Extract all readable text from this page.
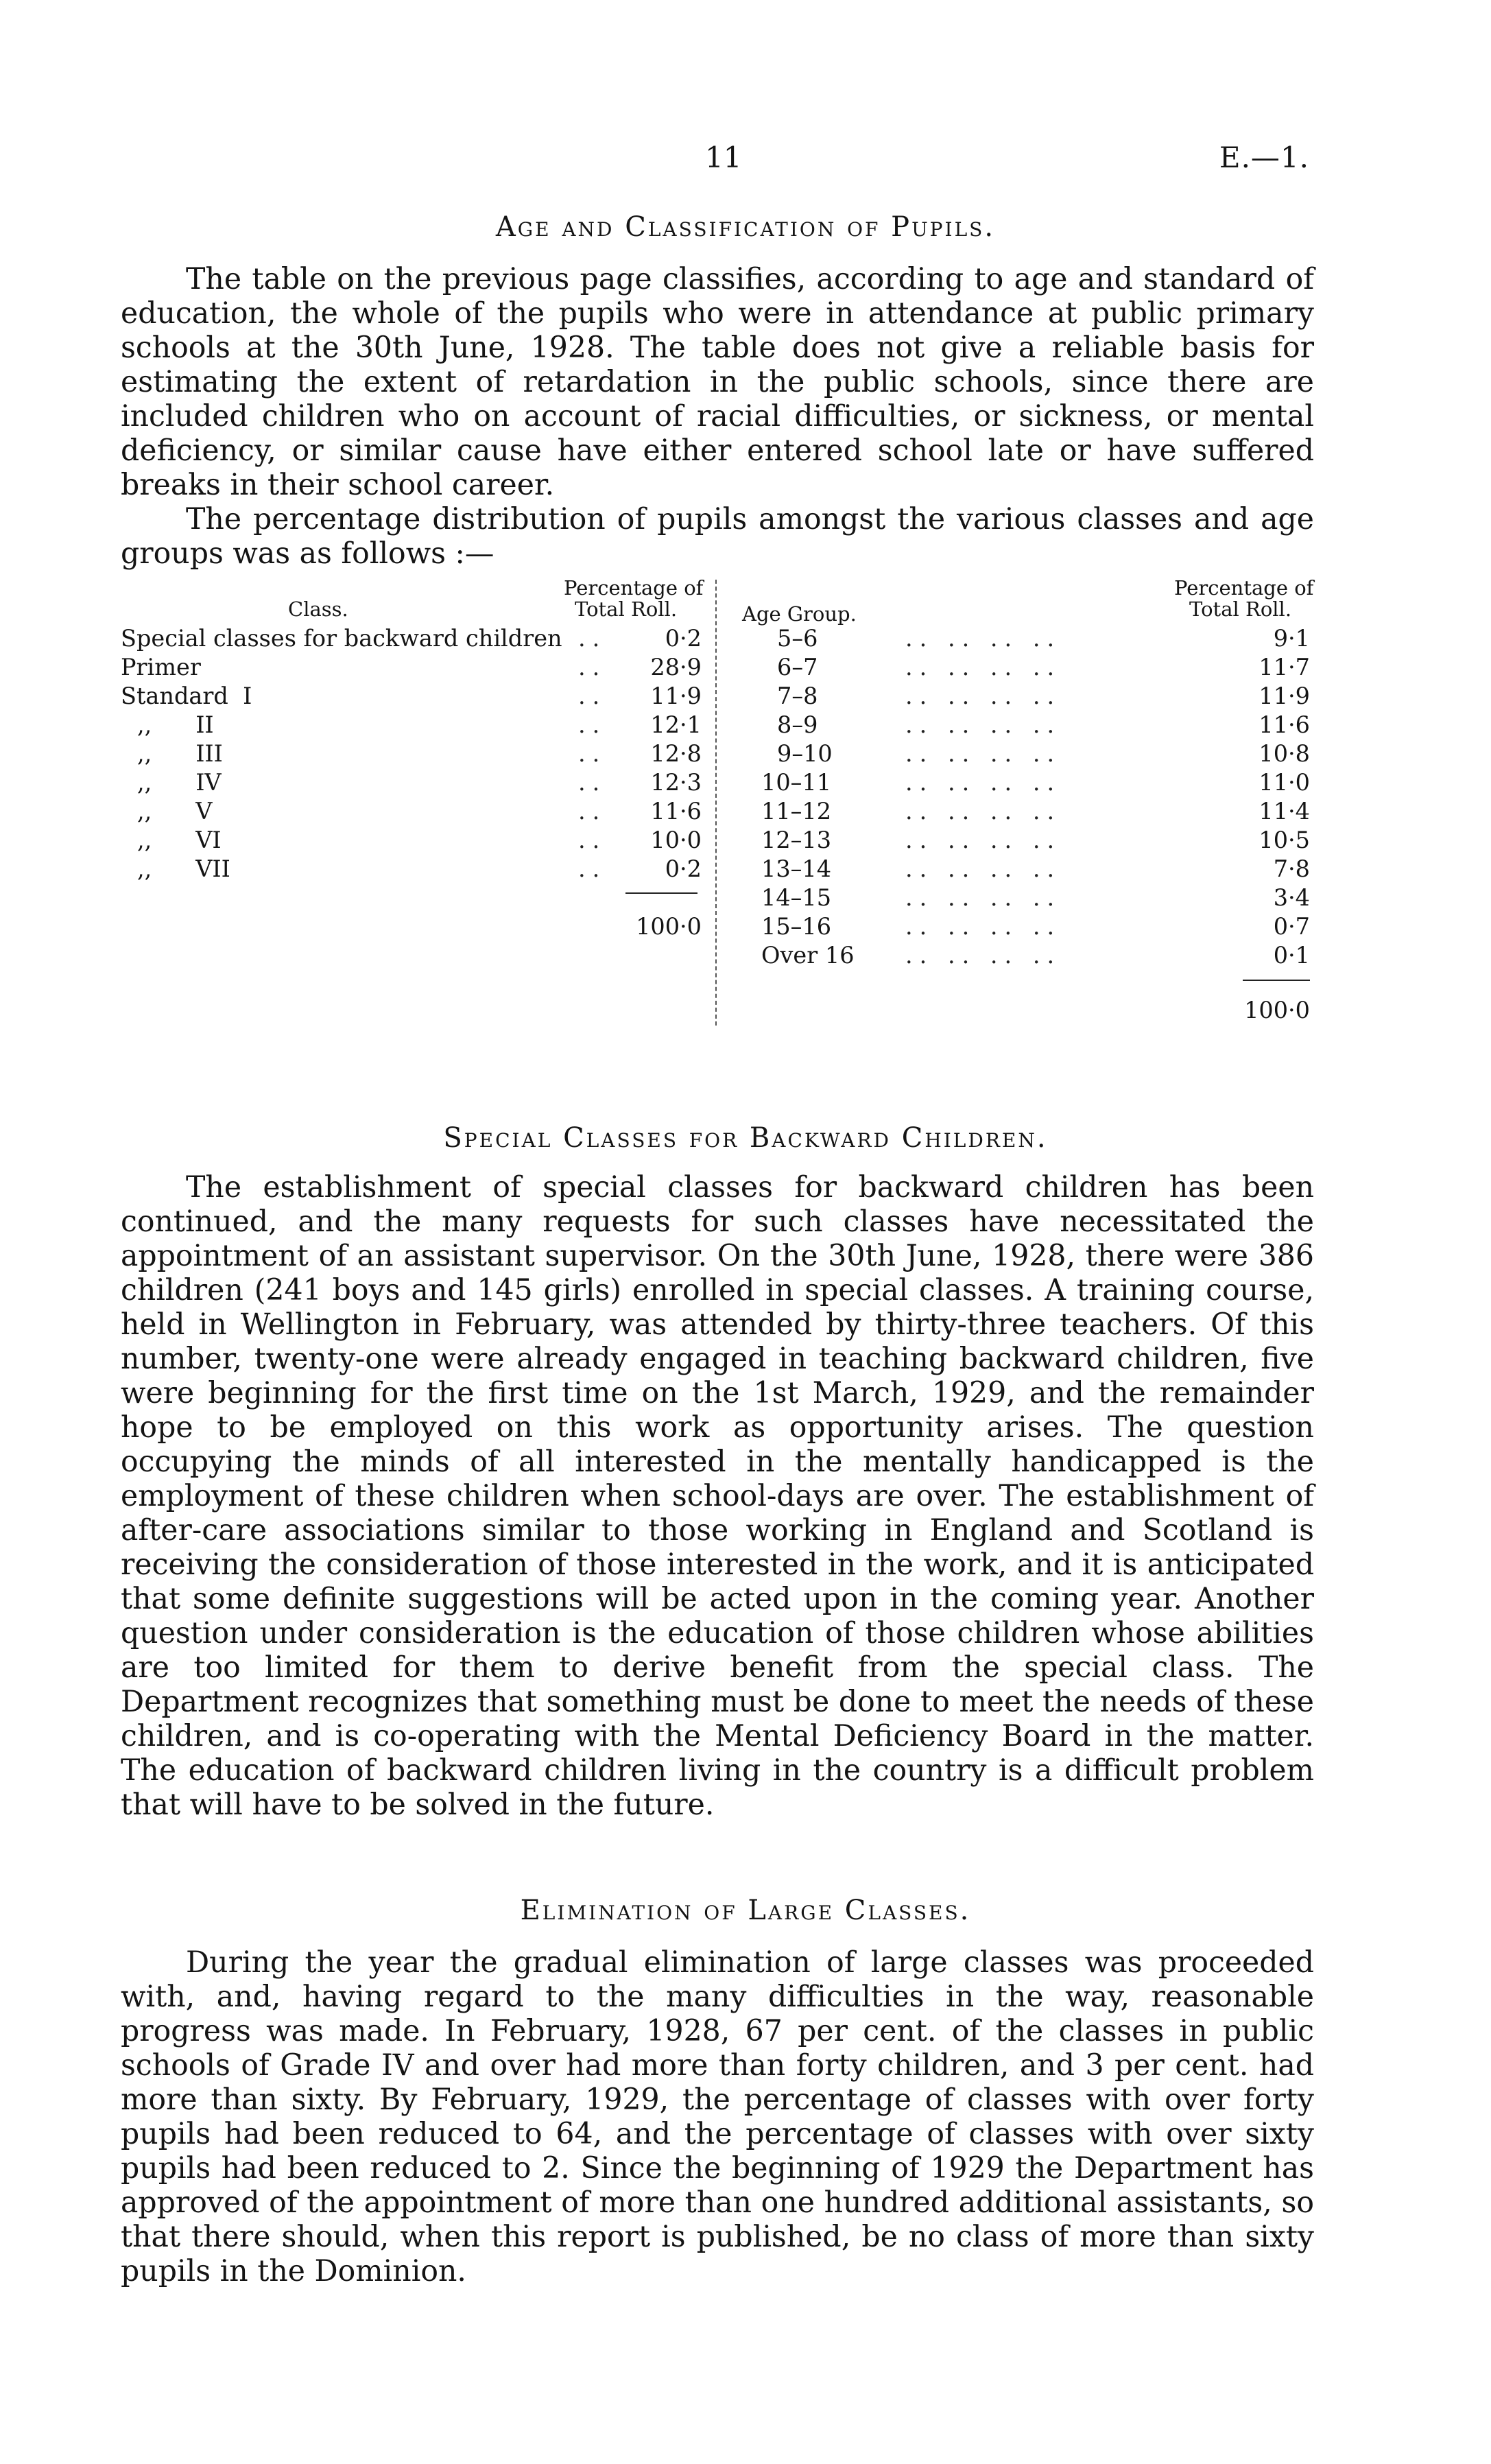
11	E.—1.
Age and Classification of Pupils.

The table on the previous page classifies, according to age and standard of education, the whole of the pupils who were in attendance at public primary schools at the 30th June, 1928. The table does not give a reliable basis for estimating the extent of retardation in the public schools, since there are included children who on account of racial difficulties, or sickness, or mental deficiency, or similar cause have either entered school late or have suffered breaks in their school career.

The percentage distribution of pupils amongst the various classes and age groups was as follows :—

Percentage of
Class.	Total Roll.
Special classes for backward children ..	0·2
Primer	.. 28·9
Standard  I	.. 11·9
,,      II	.. 12·1
,,      III	.. 12·8
,,      IV	.. 12·3
,,      V	.. 11·6
,,      VI	.. 10·0
,,      VII	..	0·2
100·0
Percentage of
Age Group.	Total Roll.
5–6	.. .. .. ..	9·1
6–7	.. .. .. ..	11·7
7–8	.. .. .. ..	11·9
8–9	.. .. .. ..	11·6
9–10	.. .. .. ..	10·8
10–11	.. .. .. ..	11·0
11–12	.. .. .. ..	11·4
12–13	.. .. .. ..	10·5
13–14	.. .. .. ..	7·8
14–15	.. .. .. ..	3·4
15–16	.. .. .. ..	0·7
Over 16 .. .. .. ..	0·1
100·0
Special Classes for Backward Children.

The establishment of special classes for backward children has been continued, and the many requests for such classes have necessitated the appointment of an assistant supervisor. On the 30th June, 1928, there were 386 children (241 boys and 145 girls) enrolled in special classes. A training course, held in Wellington in February, was attended by thirty-three teachers. Of this number, twenty-one were already engaged in teaching backward children, five were beginning for the first time on the 1st March, 1929, and the remainder hope to be employed on this work as opportunity arises. The question occupying the minds of all interested in the mentally handicapped is the employment of these children when school-days are over. The establishment of after-care associations similar to those working in England and Scotland is receiving the consideration of those interested in the work, and it is anticipated that some definite suggestions will be acted upon in the coming year. Another question under consideration is the education of those children whose abilities are too limited for them to derive benefit from the special class. The Department recognizes that something must be done to meet the needs of these children, and is co-operating with the Mental Deficiency Board in the matter. The education of backward children living in the country is a difficult problem that will have to be solved in the future.

Elimination of Large Classes.

During the year the gradual elimination of large classes was proceeded with, and, having regard to the many difficulties in the way, reasonable progress was made. In February, 1928, 67 per cent. of the classes in public schools of Grade IV and over had more than forty children, and 3 per cent. had more than sixty. By February, 1929, the percentage of classes with over forty pupils had been reduced to 64, and the percentage of classes with over sixty pupils had been reduced to 2. Since the beginning of 1929 the Department has approved of the appointment of more than one hundred additional assistants, so that there should, when this report is published, be no class of more than sixty pupils in the Dominion.
